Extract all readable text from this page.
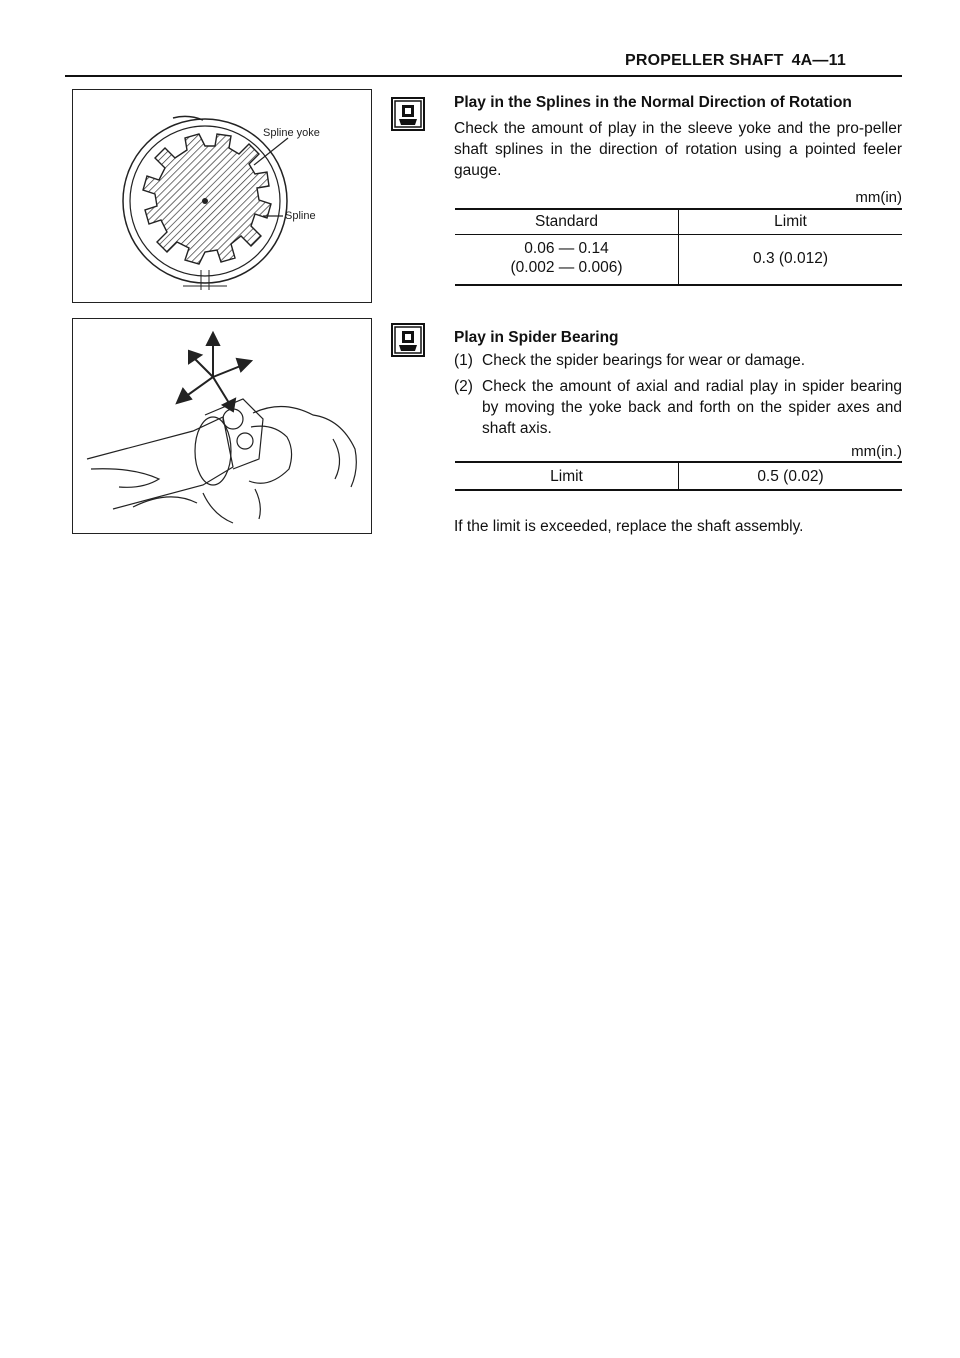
PROPELLER SHAFT 4A—11
Spline yoke
Spline
Play in the Splines in the Normal Direction of Rotation
Check the amount of play in the sleeve yoke and the pro-peller shaft splines in the direction of rotation using a pointed feeler gauge.
mm(in)
Standard	Limit
0.06 — 0.14
(0.002 — 0.006)
0.3 (0.012)
Play in Spider Bearing
(1) Check the spider bearings for wear or damage.
(2) Check the amount of axial and radial play in spider bearing by moving the yoke back and forth on the spider axes and shaft axis.
mm(in.)
Limit	0.5 (0.02)
If the limit is exceeded, replace the shaft assembly.
